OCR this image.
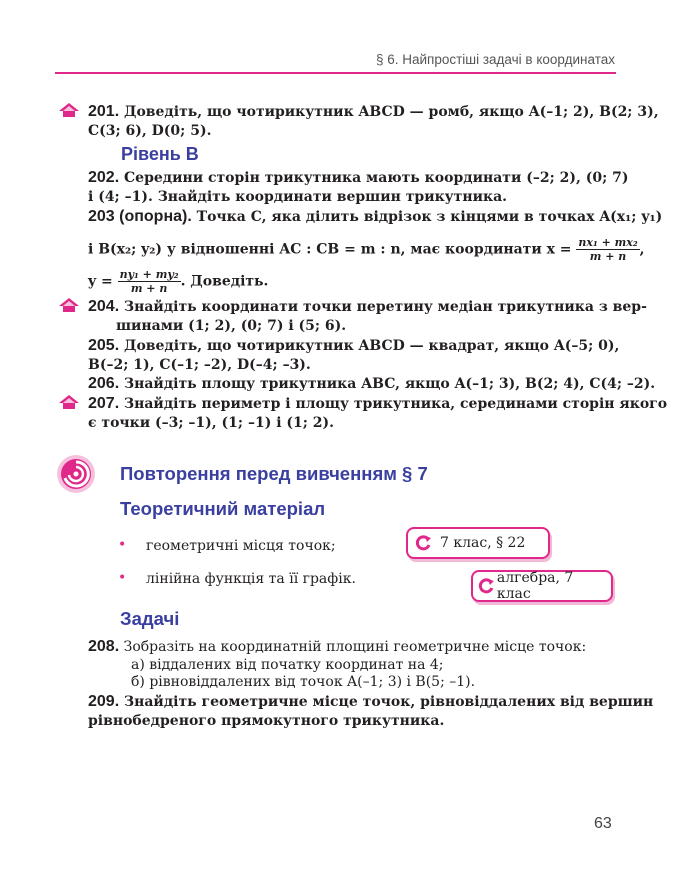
§ 6. Найпростіші задачі в координатах
201. Доведіть, що чотирикутник ABCD — ромб, якщо A(–1; 2), B(2; 3),
C(3; 6), D(0; 5).
Рівень B
202. Середини сторін трикутника мають координати (–2; 2), (0; 7)
і (4; –1). Знайдіть координати вершин трикутника.
203 (опорна). Точка C, яка ділить відрізок з кінцями в точках A(x₁; y₁)
і B(x₂; y₂) у відношенні AC : CB = m : n, має координати $x = \frac{\text{nx₁ + mx₂}}{m + n}$ ,
$y = \frac{\text{ny₁ + my₂}}{m + n}$ . Доведіть.
204. Знайдіть координати точки перетину медіан трикутника з вер-
шинами (1; 2), (0; 7) і (5; 6).
205. Доведіть, що чотирикутник ABCD — квадрат, якщо A(–5; 0),
B(–2; 1), C(–1; –2), D(–4; –3).
206. Знайдіть площу трикутника ABC, якщо A(–1; 3), B(2; 4), C(4; –2).
207. Знайдіть периметр і площу трикутника, серединами сторін якого
є точки (–3; –1), (1; –1) і (1; 2).
Повторення перед вивченням § 7
Теоретичний матеріал
• геометричні місця точок;
• лінійна функція та її графік.
7 клас, § 22
алгебра, 7 клас
Задачі
208. Зобразіть на координатній площині геометричне місце точок:
а) віддалених від початку координат на 4;
б) рівновіддалених від точок A(–1; 3) і B(5; –1).
209. Знайдіть геометричне місце точок, рівновіддалених від вершин
рівнобедреного прямокутного трикутника.
63
